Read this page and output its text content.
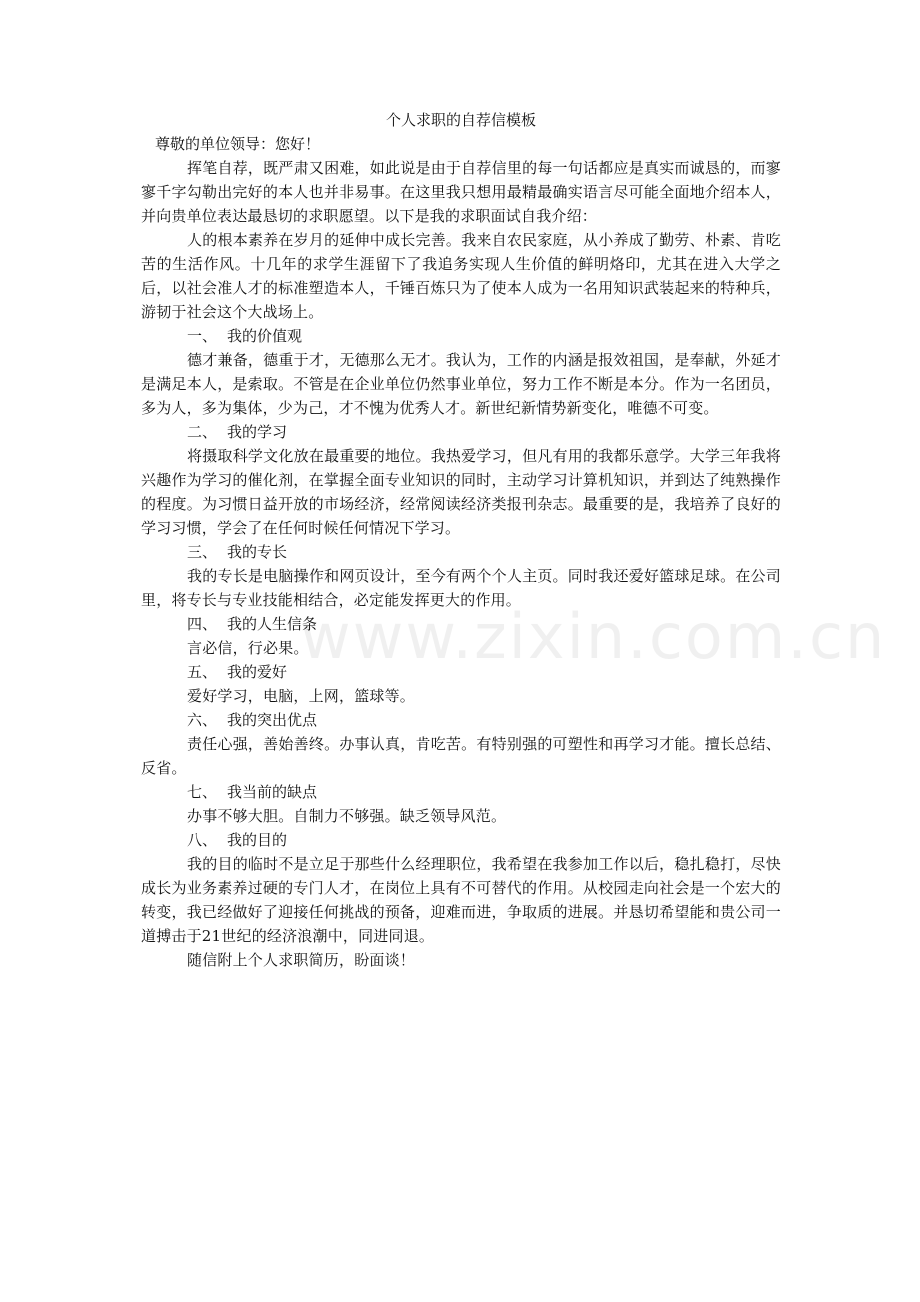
个人求职的自荐信模板

尊敬的单位领导：您好！

挥笔自荐，既严肃又困难，如此说是由于自荐信里的每一句话都应是真实而诚恳的，而寥寥千字勾勒出完好的本人也并非易事。在这里我只想用最精最确实语言尽可能全面地介绍本人，并向贵单位表达最恳切的求职愿望。以下是我的求职面试自我介绍：

人的根本素养在岁月的延伸中成长完善。我来自农民家庭，从小养成了勤劳、朴素、肯吃苦的生活作风。十几年的求学生涯留下了我追务实现人生价值的鲜明烙印，尤其在进入大学之后，以社会准人才的标准塑造本人，千锤百炼只为了使本人成为一名用知识武装起来的特种兵，游韧于社会这个大战场上。

一、 我的价值观

德才兼备，德重于才，无德那么无才。我认为，工作的内涵是报效祖国，是奉献，外延才是满足本人，是索取。不管是在企业单位仍然事业单位，努力工作不断是本分。作为一名团员，多为人，多为集体，少为己，才不愧为优秀人才。新世纪新情势新变化，唯德不可变。

二、 我的学习

将摄取科学文化放在最重要的地位。我热爱学习，但凡有用的我都乐意学。大学三年我将兴趣作为学习的催化剂，在掌握全面专业知识的同时，主动学习计算机知识，并到达了纯熟操作的程度。为习惯日益开放的市场经济，经常阅读经济类报刊杂志。最重要的是，我培养了良好的学习习惯，学会了在任何时候任何情况下学习。

三、 我的专长

我的专长是电脑操作和网页设计，至今有两个个人主页。同时我还爱好篮球足球。在公司里，将专长与专业技能相结合，必定能发挥更大的作用。

四、 我的人生信条

言必信，行必果。

五、 我的爱好

爱好学习，电脑，上网，篮球等。

六、 我的突出优点

责任心强，善始善终。办事认真，肯吃苦。有特别强的可塑性和再学习才能。擅长总结、反省。

七、 我当前的缺点

办事不够大胆。自制力不够强。缺乏领导风范。

八、 我的目的

我的目的临时不是立足于那些什么经理职位，我希望在我参加工作以后，稳扎稳打，尽快成长为业务素养过硬的专门人才，在岗位上具有不可替代的作用。从校园走向社会是一个宏大的转变，我已经做好了迎接任何挑战的预备，迎难而进，争取质的进展。并恳切希望能和贵公司一道搏击于21世纪的经济浪潮中，同进同退。

随信附上个人求职简历，盼面谈！

www.zixin.com.cn
